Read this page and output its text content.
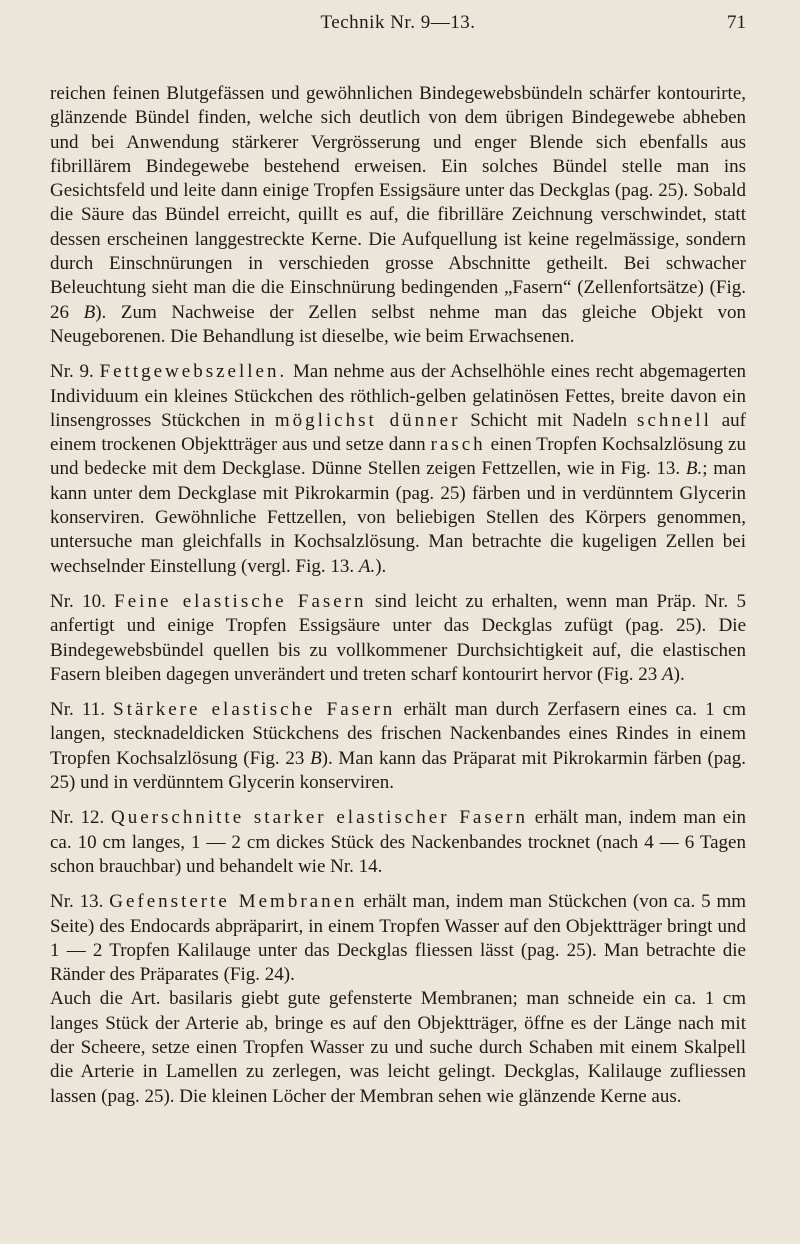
Technik Nr. 9—13.	71

reichen feinen Blutgefässen und gewöhnlichen Bindegewebsbündeln schärfer kontourirte, glänzende Bündel finden, welche sich deutlich von dem übrigen Bindegewebe abheben und bei Anwendung stärkerer Vergrösserung und enger Blende sich ebenfalls aus fibrillärem Bindegewebe bestehend erweisen. Ein solches Bündel stelle man ins Gesichtsfeld und leite dann einige Tropfen Essigsäure unter das Deckglas (pag. 25). Sobald die Säure das Bündel erreicht, quillt es auf, die fibrilläre Zeichnung verschwindet, statt dessen erscheinen langgestreckte Kerne. Die Aufquellung ist keine regelmässige, sondern durch Einschnürungen in verschieden grosse Abschnitte getheilt. Bei schwacher Beleuchtung sieht man die die Einschnürung bedingenden „Fasern“ (Zellenfortsätze) (Fig. 26 B). Zum Nachweise der Zellen selbst nehme man das gleiche Objekt von Neugeborenen. Die Behandlung ist dieselbe, wie beim Erwachsenen.

Nr. 9. Fettgewebszellen. Man nehme aus der Achselhöhle eines recht abgemagerten Individuum ein kleines Stückchen des röthlich-gelben gelatinösen Fettes, breite davon ein linsengrosses Stückchen in möglichst dünner Schicht mit Nadeln schnell auf einem trockenen Objektträger aus und setze dann rasch einen Tropfen Kochsalzlösung zu und bedecke mit dem Deckglase. Dünne Stellen zeigen Fettzellen, wie in Fig. 13. B.; man kann unter dem Deckglase mit Pikrokarmin (pag. 25) färben und in verdünntem Glycerin konserviren. Gewöhnliche Fettzellen, von beliebigen Stellen des Körpers genommen, untersuche man gleichfalls in Kochsalzlösung. Man betrachte die kugeligen Zellen bei wechselnder Einstellung (vergl. Fig. 13. A.).

Nr. 10. Feine elastische Fasern sind leicht zu erhalten, wenn man Präp. Nr. 5 anfertigt und einige Tropfen Essigsäure unter das Deckglas zufügt (pag. 25). Die Bindegewebsbündel quellen bis zu vollkommener Durchsichtigkeit auf, die elastischen Fasern bleiben dagegen unverändert und treten scharf kontourirt hervor (Fig. 23 A).

Nr. 11. Stärkere elastische Fasern erhält man durch Zerfasern eines ca. 1 cm langen, stecknadeldicken Stückchens des frischen Nackenbandes eines Rindes in einem Tropfen Kochsalzlösung (Fig. 23 B). Man kann das Präparat mit Pikrokarmin färben (pag. 25) und in verdünntem Glycerin konserviren.

Nr. 12. Querschnitte starker elastischer Fasern erhält man, indem man ein ca. 10 cm langes, 1 — 2 cm dickes Stück des Nackenbandes trocknet (nach 4 — 6 Tagen schon brauchbar) und behandelt wie Nr. 14.

Nr. 13. Gefensterte Membranen erhält man, indem man Stückchen (von ca. 5 mm Seite) des Endocards abpräparirt, in einem Tropfen Wasser auf den Objektträger bringt und 1 — 2 Tropfen Kalilauge unter das Deckglas fliessen lässt (pag. 25). Man betrachte die Ränder des Präparates (Fig. 24).

Auch die Art. basilaris giebt gute gefensterte Membranen; man schneide ein ca. 1 cm langes Stück der Arterie ab, bringe es auf den Objektträger, öffne es der Länge nach mit der Scheere, setze einen Tropfen Wasser zu und suche durch Schaben mit einem Skalpell die Arterie in Lamellen zu zerlegen, was leicht gelingt. Deckglas, Kalilauge zufliessen lassen (pag. 25). Die kleinen Löcher der Membran sehen wie glänzende Kerne aus.
